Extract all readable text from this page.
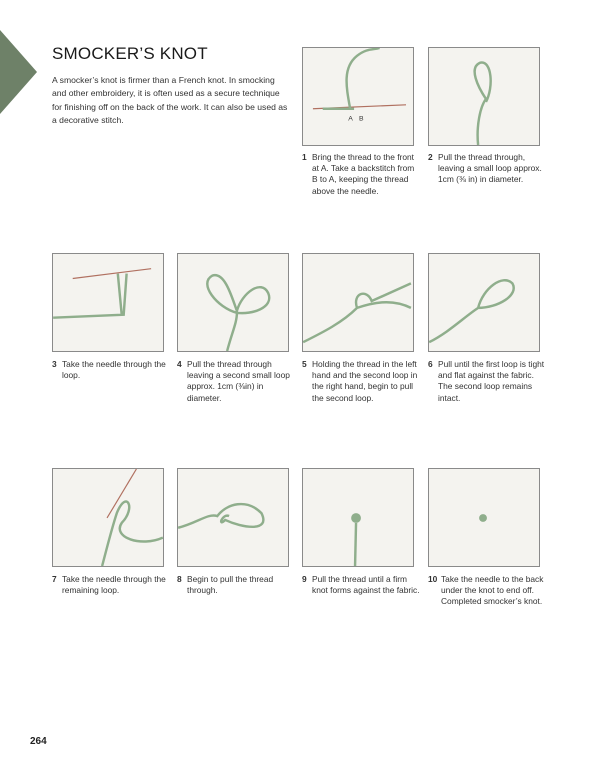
SMOCKER’S KNOT
A smocker’s knot is firmer than a French knot. In smocking and other embroidery, it is often used as a secure technique for finishing off on the back of the work. It can also be used as a decorative stitch.	A B
1 Bring the thread to the front at A. Take a backstitch from B to A, keeping the thread above the needle.
2 Pull the thread through, leaving a small loop approx. 1cm (⅜ in) in diameter.
3 Take the needle through the loop.
4 Pull the thread through leaving a second small loop approx. 1cm (⅜in) in diameter.
5 Holding the thread in the left hand and the second loop in the right hand, begin to pull the second loop.
6 Pull until the first loop is tight and flat against the fabric. The second loop remains intact.
7 Take the needle through the remaining loop.
8 Begin to pull the thread through.
9 Pull the thread until a firm knot forms against the fabric.
10 Take the needle to the back under the knot to end off. Completed smocker’s knot.
264
